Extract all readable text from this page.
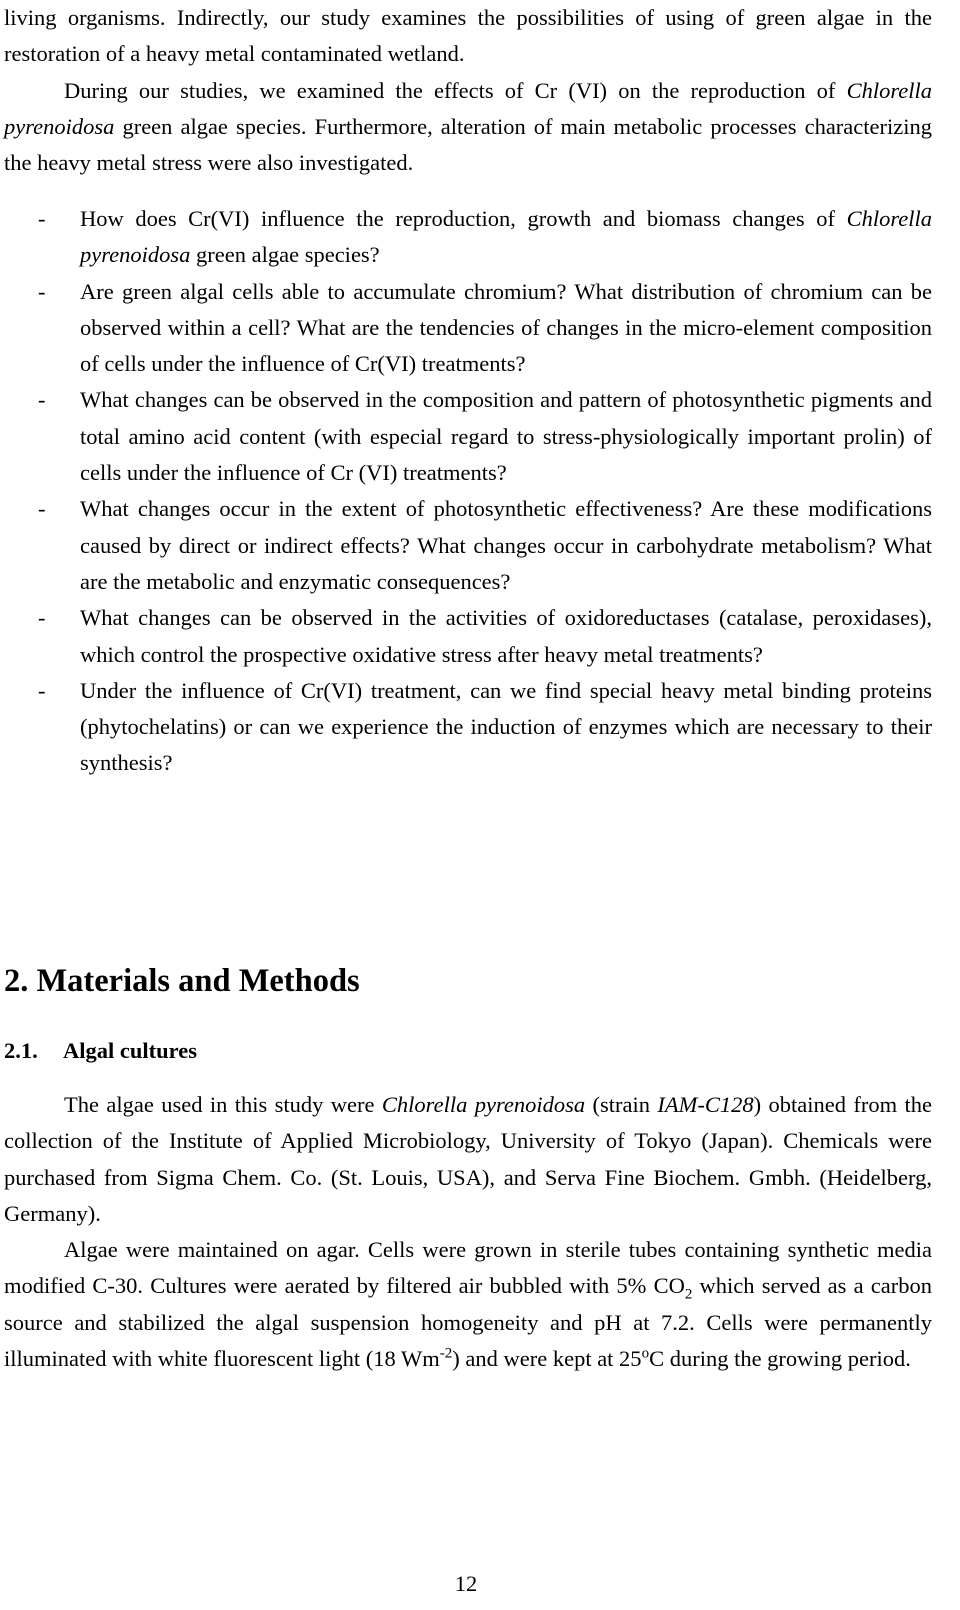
living organisms. Indirectly, our study examines the possibilities of using of green algae in the restoration of a heavy metal contaminated wetland.

During our studies, we examined the effects of Cr (VI) on the reproduction of Chlorella pyrenoidosa green algae species. Furthermore, alteration of main metabolic processes characterizing the heavy metal stress were also investigated.

- How does Cr(VI) influence the reproduction, growth and biomass changes of Chlorella pyrenoidosa green algae species?
- Are green algal cells able to accumulate chromium? What distribution of chromium can be observed within a cell? What are the tendencies of changes in the micro-element composition of cells under the influence of Cr(VI) treatments?
- What changes can be observed in the composition and pattern of photosynthetic pigments and total amino acid content (with especial regard to stress-physiologically important prolin) of cells under the influence of Cr (VI) treatments?
- What changes occur in the extent of photosynthetic effectiveness? Are these modifications caused by direct or indirect effects? What changes occur in carbohydrate metabolism? What are the metabolic and enzymatic consequences?
- What changes can be observed in the activities of oxidoreductases (catalase, peroxidases), which control the prospective oxidative stress after heavy metal treatments?
- Under the influence of Cr(VI) treatment, can we find special heavy metal binding proteins (phytochelatins) or can we experience the induction of enzymes which are necessary to their synthesis?
2. Materials and Methods
2.1. Algal cultures

The algae used in this study were Chlorella pyrenoidosa (strain IAM-C128) obtained from the collection of the Institute of Applied Microbiology, University of Tokyo (Japan). Chemicals were purchased from Sigma Chem. Co. (St. Louis, USA), and Serva Fine Biochem. Gmbh. (Heidelberg, Germany).

Algae were maintained on agar. Cells were grown in sterile tubes containing synthetic media modified C-30. Cultures were aerated by filtered air bubbled with 5% $CO_2$ which served as a carbon source and stabilized the algal suspension homogeneity and pH at 7.2. Cells were permanently illuminated with white fluorescent light (18 $Wm^{-2}$) and were kept at 25$^o$C during the growing period.

12
